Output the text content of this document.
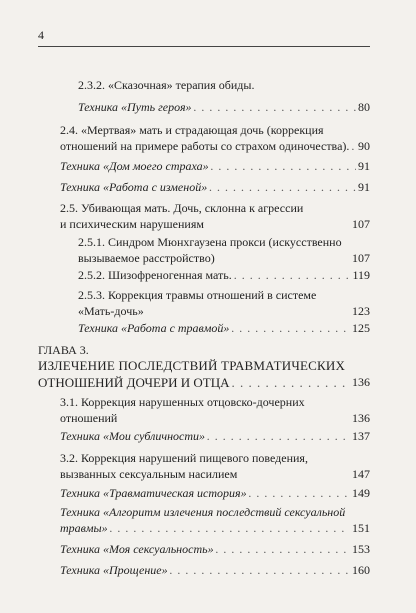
4
2.3.2. «Сказочная» терапия обиды.
Техника «Путь героя» . . .	80
2.4. «Мертвая» мать и страдающая дочь (коррекция
отношений на примере работы со страхом одиночества). . . . 90
Техника «Дом моего страха» . . .	91
Техника «Работа с изменой» . . .	91
2.5. Убивающая мать. Дочь, склонна к агрессии
и психическим нарушениям	107
2.5.1. Синдром Мюнхгаузена прокси (искусственно
вызываемое расстройство)	107
2.5.2. Шизофреногенная мать. . . .	119
2.5.3. Коррекция травмы отношений в системе
«Мать-дочь»	123
Техника «Работа с травмой» . . .	125
ГЛАВА 3.
ИЗЛЕЧЕНИЕ ПОСЛЕДСТВИЙ ТРАВМАТИЧЕСКИХ
ОТНОШЕНИЙ ДОЧЕРИ И ОТЦА . . .	136
3.1. Коррекция нарушенных отцовско-дочерних
отношений	136
Техника «Мои субличности» . . .	137
3.2. Коррекция нарушений пищевого поведения,
вызванных сексуальным насилием	147
Техника «Травматическая история» . . .	149
Техника «Алгоритм излечения последствий сексуальной
травмы» . . .	151
Техника «Моя сексуальность» . . .	153
Техника «Прощение» . . .	160
